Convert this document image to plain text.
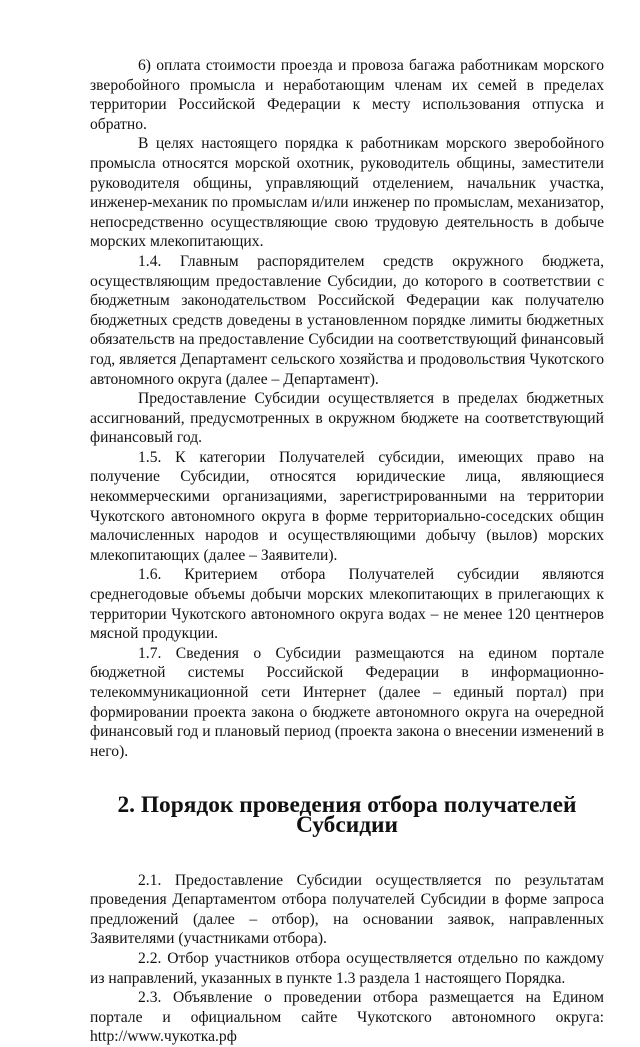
6) оплата стоимости проезда и провоза багажа работникам морского зверобойного промысла и неработающим членам их семей в пределах территории Российской Федерации к месту использования отпуска и обратно.

В целях настоящего порядка к работникам морского зверобойного промысла относятся морской охотник, руководитель общины, заместители руководителя общины, управляющий отделением, начальник участка, инженер-механик по промыслам и/или инженер по промыслам, механизатор, непосредственно осуществляющие свою трудовую деятельность в добыче морских млекопитающих.

1.4. Главным распорядителем средств окружного бюджета, осуществляющим предоставление Субсидии, до которого в соответствии с бюджетным законодательством Российской Федерации как получателю бюджетных средств доведены в установленном порядке лимиты бюджетных обязательств на предоставление Субсидии на соответствующий финансовый год, является Департамент сельского хозяйства и продовольствия Чукотского автономного округа (далее – Департамент).

Предоставление Субсидии осуществляется в пределах бюджетных ассигнований, предусмотренных в окружном бюджете на соответствующий финансовый год.

1.5. К категории Получателей субсидии, имеющих право на получение Субсидии, относятся юридические лица, являющиеся некоммерческими организациями, зарегистрированными на территории Чукотского автономного округа в форме территориально-соседских общин малочисленных народов и осуществляющими добычу (вылов) морских млекопитающих (далее – Заявители).

1.6. Критерием отбора Получателей субсидии являются среднегодовые объемы добычи морских млекопитающих в прилегающих к территории Чукотского автономного округа водах – не менее 120 центнеров мясной продукции.

1.7. Сведения о Субсидии размещаются на едином портале бюджетной системы Российской Федерации в информационно-телекоммуникационной сети Интернет (далее – единый портал) при формировании проекта закона о бюджете автономного округа на очередной финансовый год и плановый период (проекта закона о внесении изменений в него).

2. Порядок проведения отбора получателей Субсидии

2.1. Предоставление Субсидии осуществляется по результатам проведения Департаментом отбора получателей Субсидии в форме запроса предложений (далее – отбор), на основании заявок, направленных Заявителями (участниками отбора).

2.2. Отбор участников отбора осуществляется отдельно по каждому из направлений, указанных в пункте 1.3 раздела 1 настоящего Порядка.

2.3. Объявление о проведении отбора размещается на Едином портале и официальном сайте Чукотского автономного округа: http://www.чукотка.рф
